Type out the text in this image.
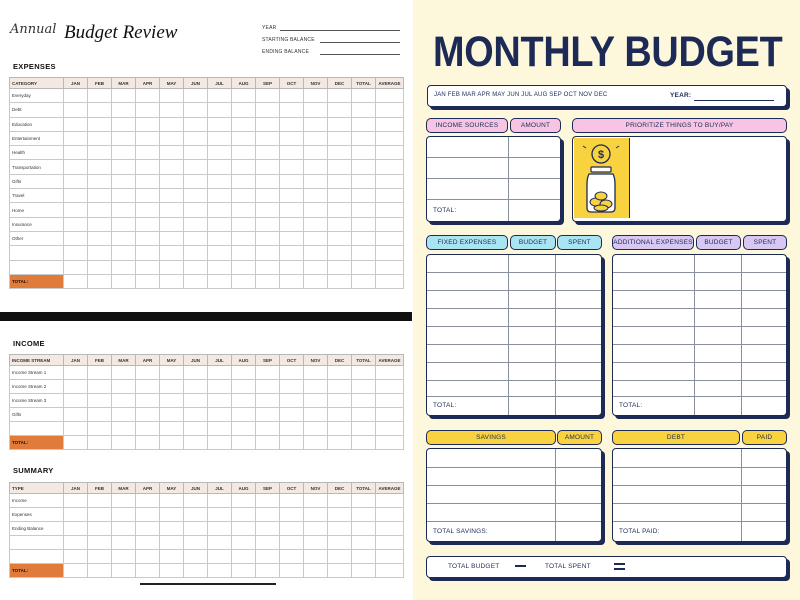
Annual Budget Review	YEAR
STARTING BALANCE
ENDING BALANCE
EXPENSES
CATEGORY	JAN	FEB	MAR	APR	MAY	JUN	JUL	AUG	SEP	OCT	NOV	DEC	TOTAL	AVERAGE
Everyday														
Debt														
Education														
Entertainment														
Health														
Transportation														
Gifts														
Travel														
Home														
Insurance														
Other														

TOTAL:														
INCOME
INCOME STREAM	JAN	FEB	MAR	APR	MAY	JUN	JUL	AUG	SEP	OCT	NOV	DEC	TOTAL	AVERAGE
Income Stream 1														
Income Stream 2														
Income Stream 3														
Gifts														

TOTAL:														
SUMMARY
TYPE	JAN	FEB	MAR	APR	MAY	JUN	JUL	AUG	SEP	OCT	NOV	DEC	TOTAL	AVERAGE
Income														
Expenses														
Ending Balance														

TOTAL:														
MONTHLY BUDGET
JAN FEB MAR APR MAY JUN JUL AUG SEP OCT NOV DEC	YEAR:
INCOME SOURCES	AMOUNT
TOTAL:
PRIORITIZE THINGS TO BUY/PAY
$
FIXED EXPENSES	BUDGET	SPENT
TOTAL:
ADDITIONAL EXPENSES	BUDGET	SPENT
TOTAL:
SAVINGS	AMOUNT
TOTAL SAVINGS:
DEBT	PAID
TOTAL PAID:
TOTAL BUDGET	TOTAL SPENT
